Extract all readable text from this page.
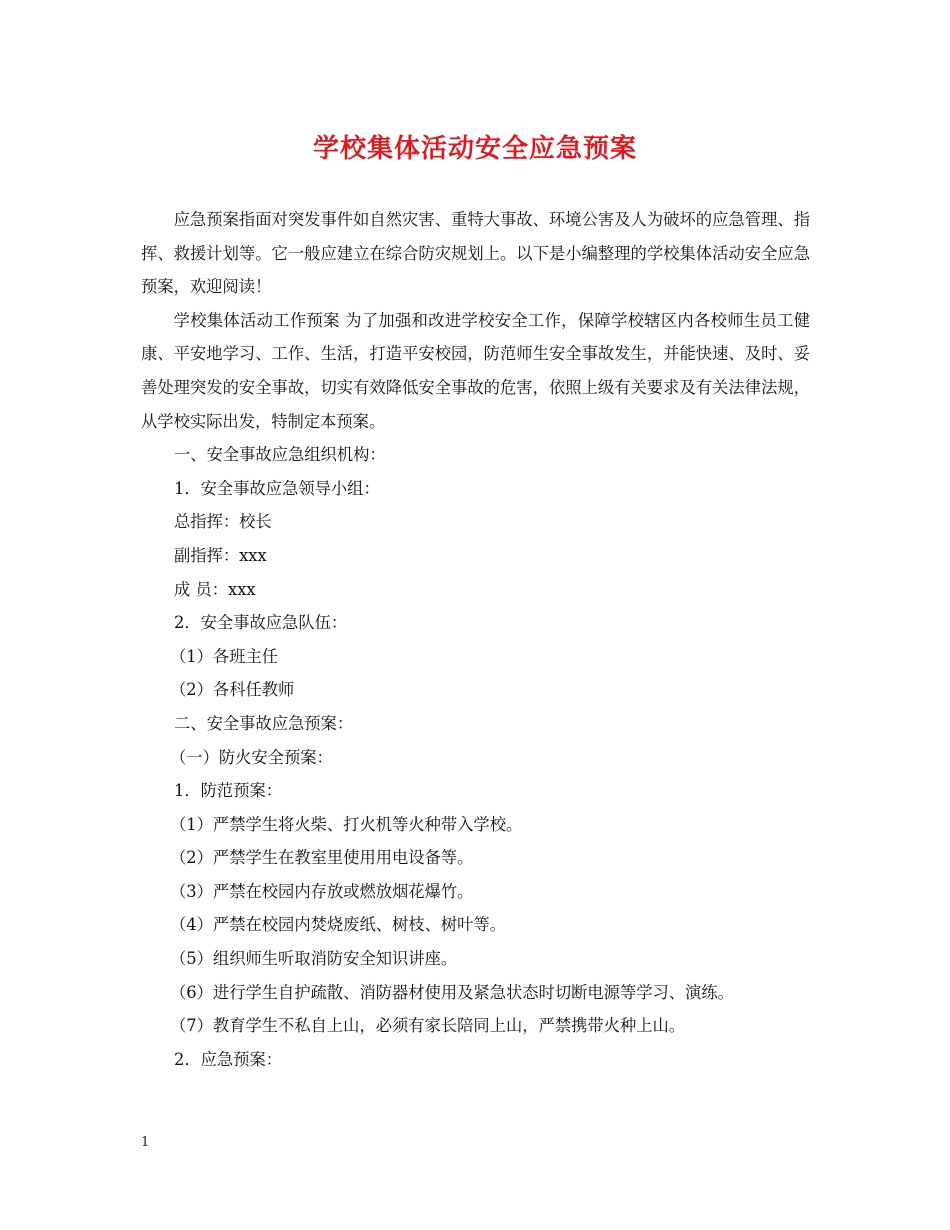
学校集体活动安全应急预案

应急预案指面对突发事件如自然灾害、重特大事故、环境公害及人为破坏的应急管理、指挥、救援计划等。它一般应建立在综合防灾规划上。以下是小编整理的学校集体活动安全应急预案，欢迎阅读！

学校集体活动工作预案 为了加强和改进学校安全工作，保障学校辖区内各校师生员工健康、平安地学习、工作、生活，打造平安校园，防范师生安全事故发生，并能快速、及时、妥善处理突发的安全事故，切实有效降低安全事故的危害，依照上级有关要求及有关法律法规，从学校实际出发，特制定本预案。

一、安全事故应急组织机构：

1．安全事故应急领导小组：

总指挥：校长

副指挥：xxx

成 员：xxx

2．安全事故应急队伍：

（1）各班主任

（2）各科任教师

二、安全事故应急预案：

（一）防火安全预案：

1．防范预案：

（1）严禁学生将火柴、打火机等火种带入学校。

（2）严禁学生在教室里使用用电设备等。

（3）严禁在校园内存放或燃放烟花爆竹。

（4）严禁在校园内焚烧废纸、树枝、树叶等。

（5）组织师生听取消防安全知识讲座。

（6）进行学生自护疏散、消防器材使用及紧急状态时切断电源等学习、演练。

（7）教育学生不私自上山，必须有家长陪同上山，严禁携带火种上山。

2．应急预案：

1
